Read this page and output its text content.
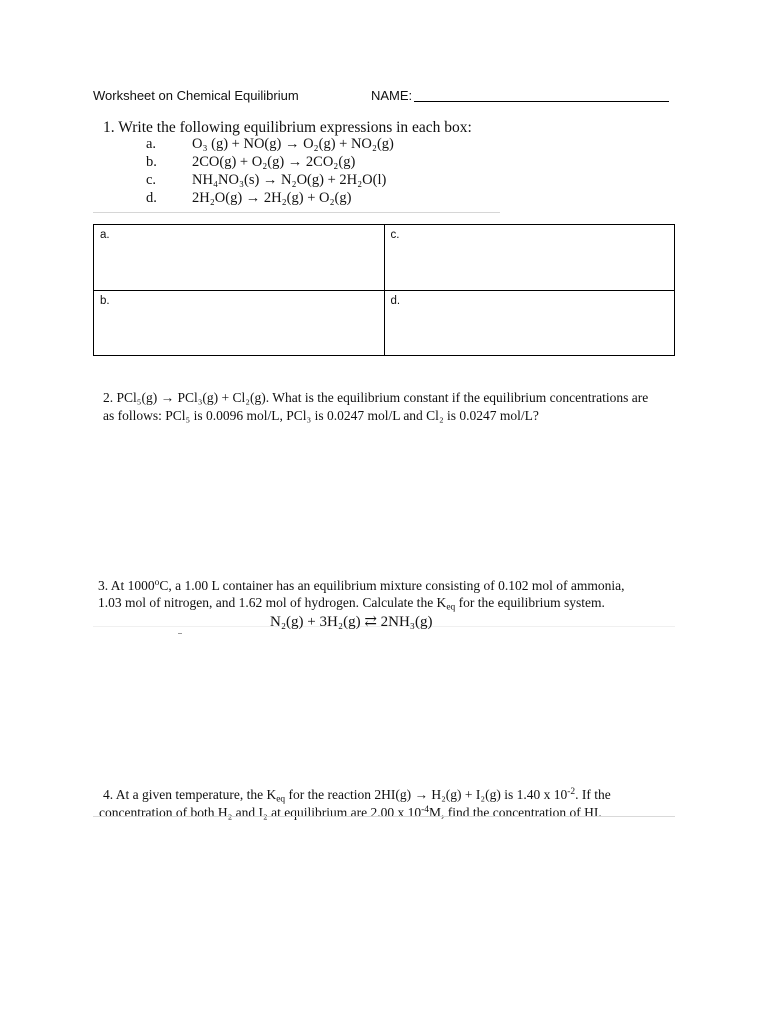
Worksheet on Chemical Equilibrium	NAME:
1. Write the following equilibrium expressions in each box:
a. O₃ (g) + NO(g) → O₂(g) + NO₂(g)
b. 2CO(g) + O₂(g) → 2CO₂(g)
c. NH₄NO₃(s) → N₂O(g) + 2H₂O(l)
d. 2H₂O(g) → 2H₂(g) + O₂(g)
a.	c.
b.	d.
2. PCl₅(g) → PCl₃(g) + Cl₂(g). What is the equilibrium constant if the equilibrium concentrations are
as follows: PCl₅ is 0.0096 mol/L, PCl₃ is 0.0247 mol/L and Cl₂ is 0.0247 mol/L?
3. At 1000$^o$C, a 1.00 L container has an equilibrium mixture consisting of 0.102 mol of ammonia,
1.03 mol of nitrogen, and 1.62 mol of hydrogen. Calculate the $K_{eq}$ for the equilibrium system.
N₂(g) + 3H₂(g) ⇄ 2NH₃(g)
4. At a given temperature, the $K_{eq}$ for the reaction 2HI(g) → H₂(g) + I₂(g) is 1.40 x $10^{-2}$. If the
concentration of both H₂ and I₂ at equilibrium are 2.00 x $10^{-4}M$, find the concentration of HI.
